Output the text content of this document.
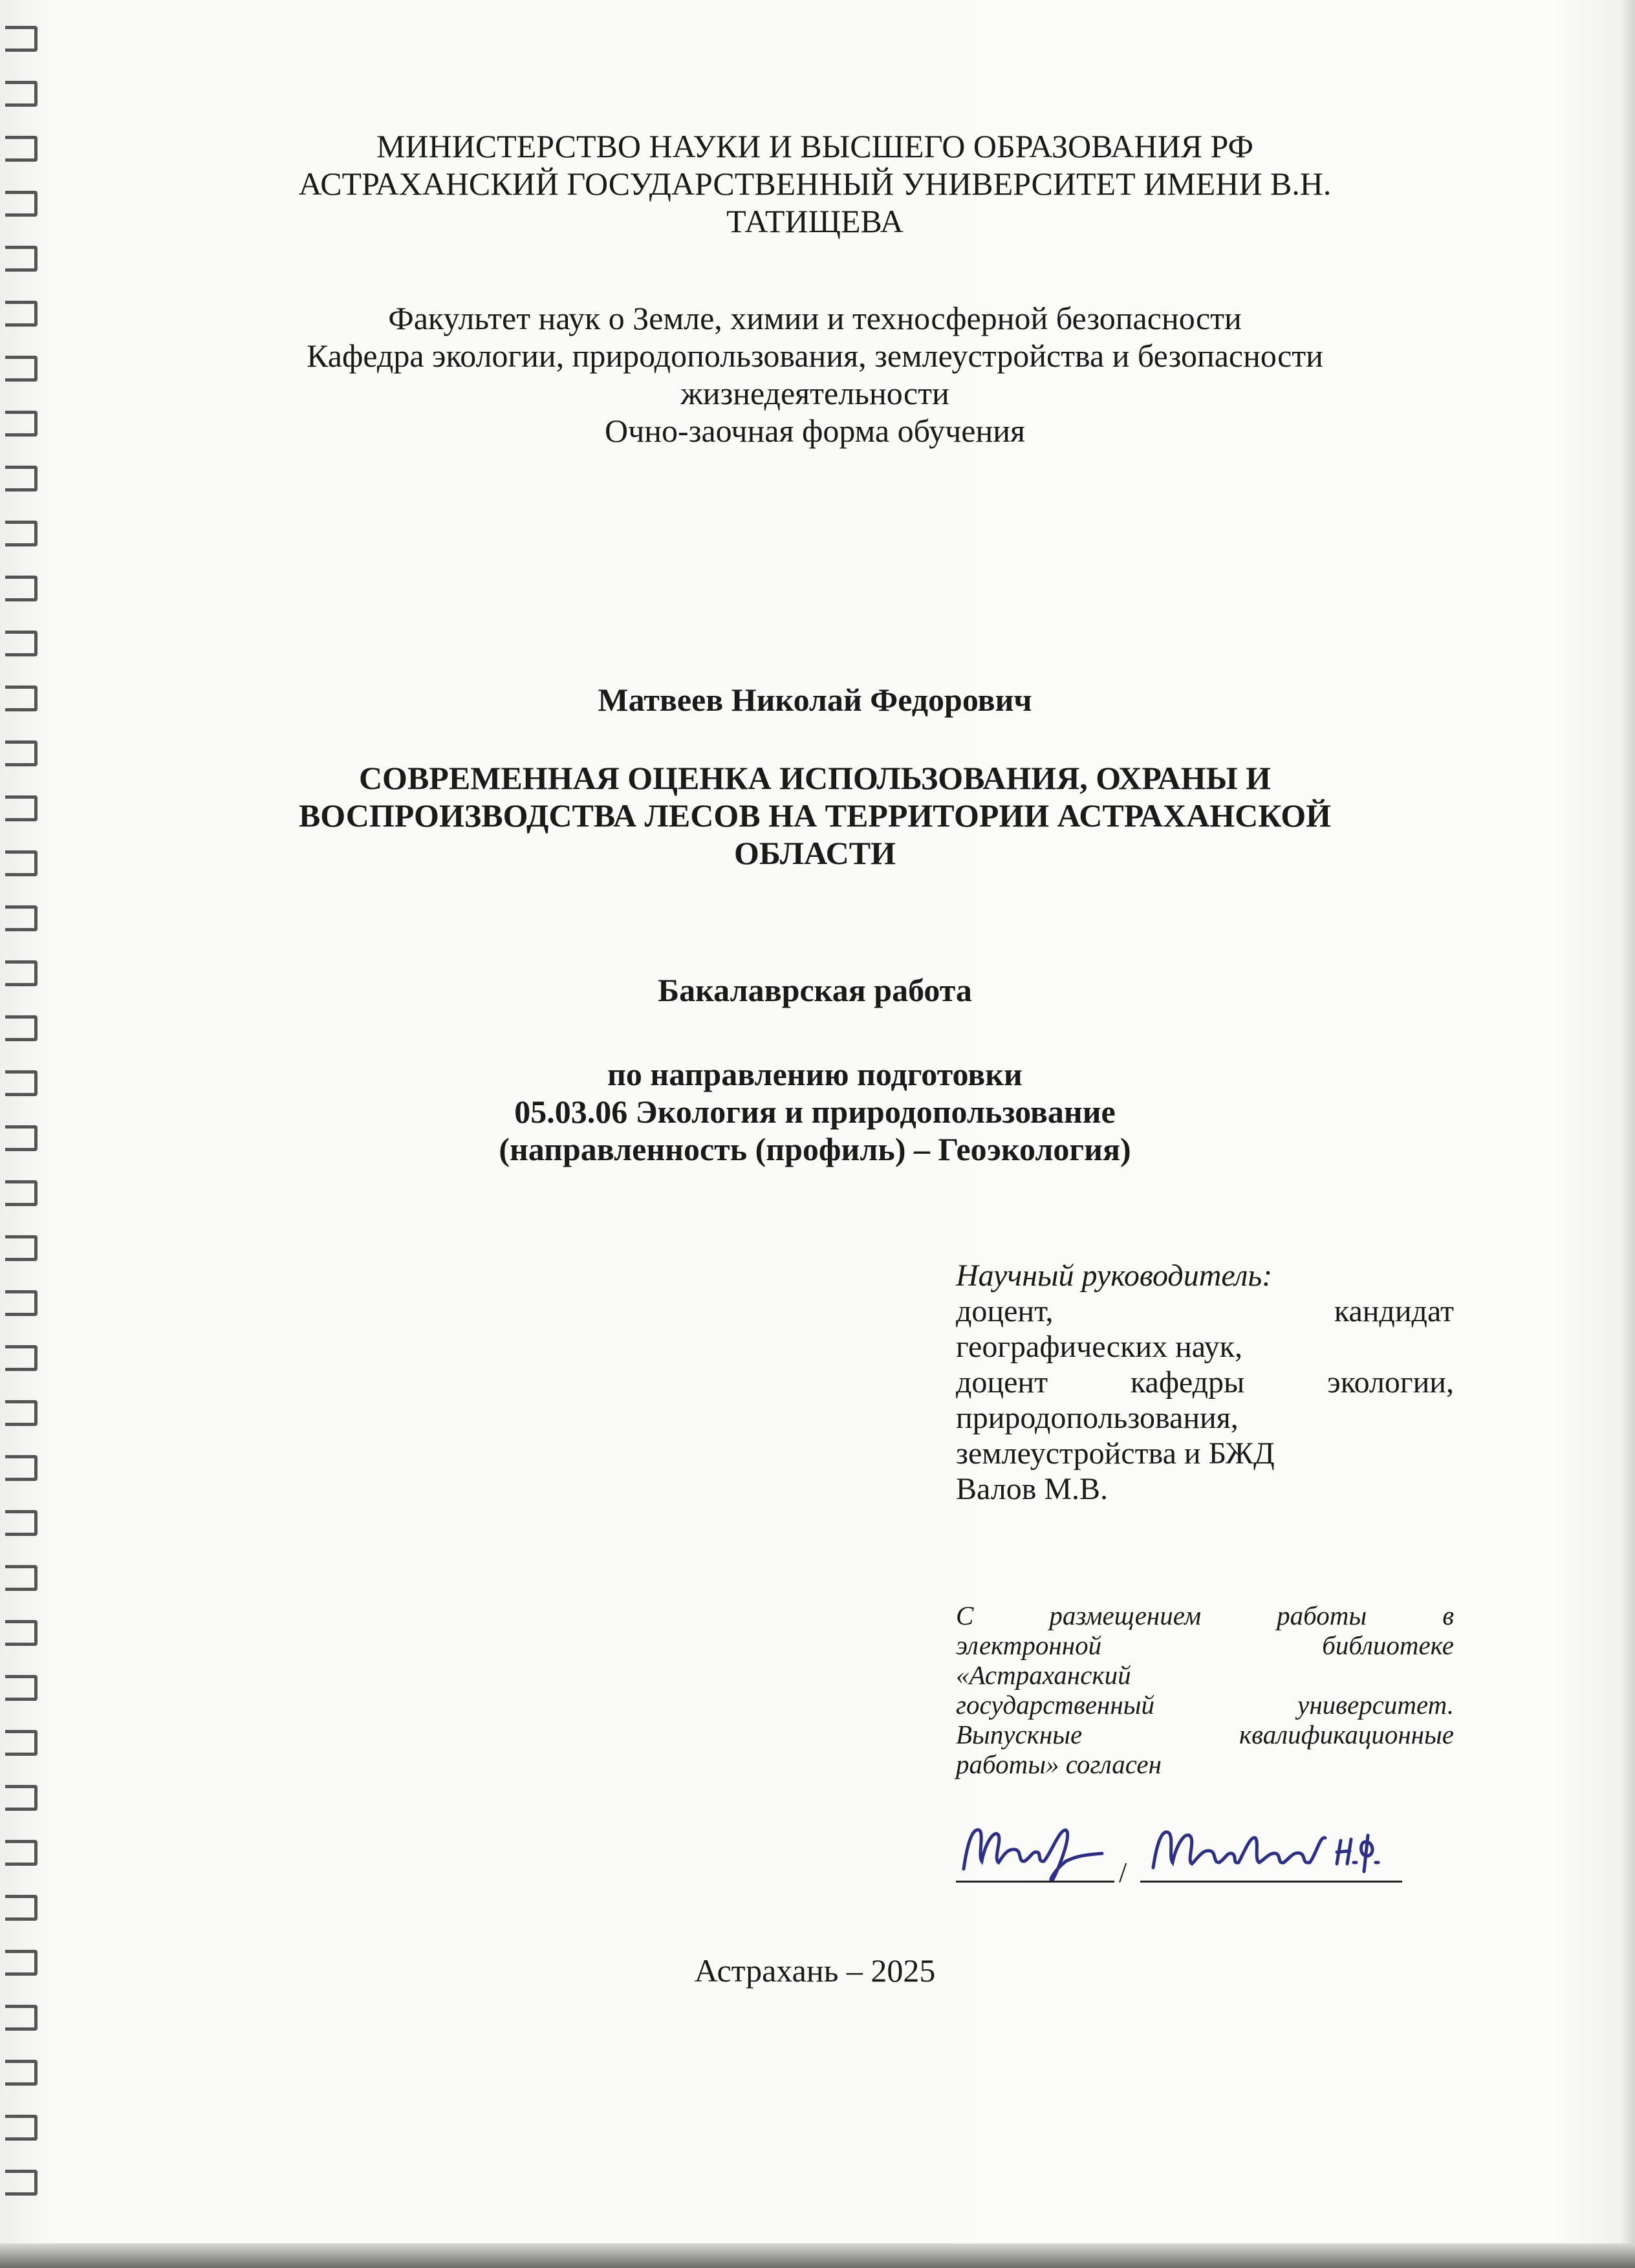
МИНИСТЕРСТВО НАУКИ И ВЫСШЕГО ОБРАЗОВАНИЯ РФ
АСТРАХАНСКИЙ ГОСУДАРСТВЕННЫЙ УНИВЕРСИТЕТ ИМЕНИ В.Н.
ТАТИЩЕВА
Факультет наук о Земле, химии и техносферной безопасности
Кафедра экологии, природопользования, землеустройства и безопасности
жизнедеятельности
Очно-заочная форма обучения
Матвеев Николай Федорович
СОВРЕМЕННАЯ ОЦЕНКА ИСПОЛЬЗОВАНИЯ, ОХРАНЫ И
ВОСПРОИЗВОДСТВА ЛЕСОВ НА ТЕРРИТОРИИ АСТРАХАНСКОЙ
ОБЛАСТИ
Бакалаврская работа
по направлению подготовки
05.03.06 Экология и природопользование
(направленность (профиль) – Геоэкология)
Научный руководитель:
доцент, кандидат
географических наук,
доцент кафедры экологии,
природопользования,
землеустройства и БЖД
Валов М.В.
С размещением работы в
электронной библиотеке
«Астраханский
государственный университет.
Выпускные квалификационные
работы» согласен
/
Астрахань – 2025
